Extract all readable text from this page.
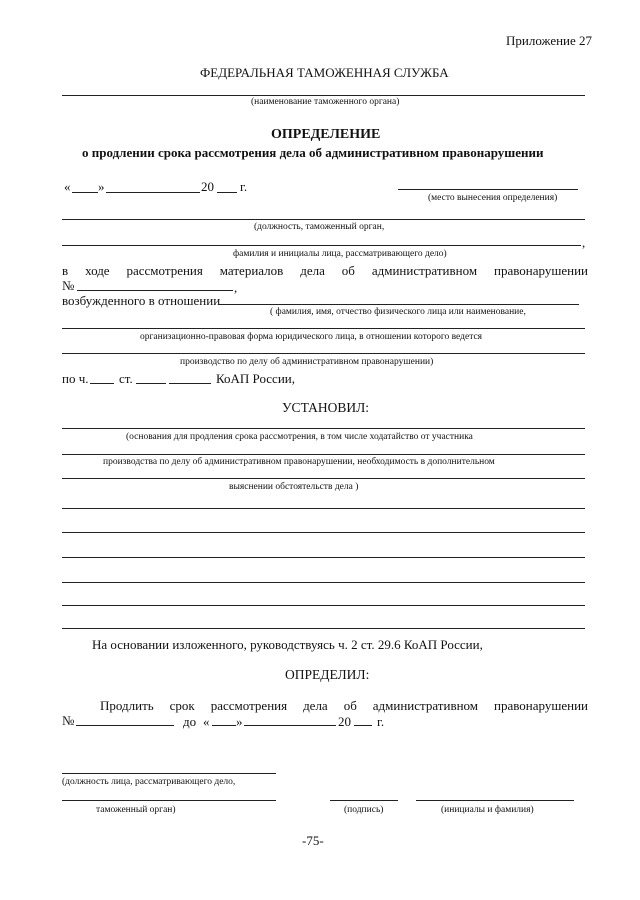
Приложение 27
ФЕДЕРАЛЬНАЯ ТАМОЖЕННАЯ СЛУЖБА
(наименование таможенного органа)
ОПРЕДЕЛЕНИЕ
о продлении срока рассмотрения дела об административном правонарушении
« »	20 г.
(место вынесения определения)
(должность, таможенный орган,
,
фамилия и инициалы лица, рассматривающего дело)
в ходе рассмотрения материалов дела об административном правонарушении
№	,
возбужденного в отношении
( фамилия, имя, отчество физического лица или наименование,
организационно-правовая форма юридического лица, в отношении которого ведется
производство по делу об административном правонарушении)
по ч. ст.	КоАП России,
УСТАНОВИЛ:
(основания для продления срока рассмотрения, в том числе ходатайство от участника
производства по делу об административном правонарушении, необходимость в дополнительном
выяснении обстоятельств дела )
На основании изложенного, руководствуясь ч. 2 ст. 29.6 КоАП России,
ОПРЕДЕЛИЛ:
Продлить срок рассмотрения дела об административном правонарушении
№	до « »	20 г.
(должность лица, рассматривающего дело,
таможенный орган)	(подпись)	(инициалы и фамилия)
-75-
